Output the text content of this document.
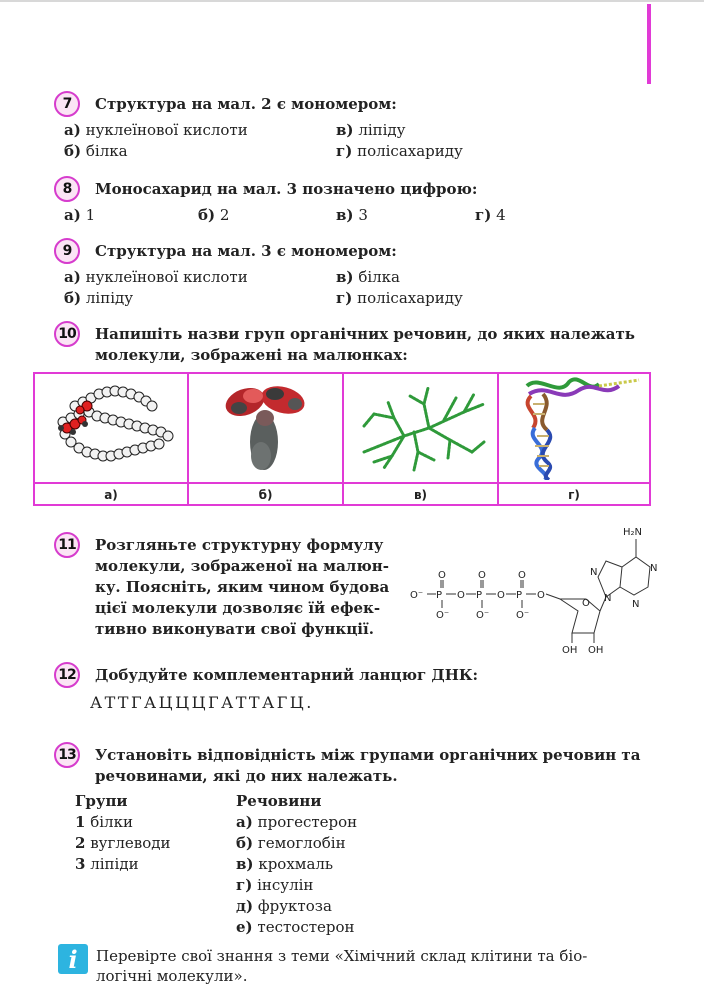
7	Структура на мал. 2 є мономером:
а) нуклеїнової кислоти	в) ліпіду
б) білка	г) полісахариду
8	Моносахарид на мал. 3 позначено цифрою:
а) 1	б) 2	в) 3	г) 4
9	Структура на мал. 3 є мономером:
а) нуклеїнової кислоти	в) білка
б) ліпіду	г) полісахариду
10 Напишіть назви груп органічних речовин, до яких належать
молекули, зображені на малюнках:
а)	б)	в)	г)
11 Розгляньте структурну формулу
молекули, зображеної на малюн-
ку. Поясніть, яким чином будова
цієї молекули дозволяє їй ефек-
тивно виконувати свої функції.
O⁻ P
O
O⁻
O P
O
O⁻
O P
O
O⁻
O
O
OH OH
N
N	N
N
H₂N
12 Добудуйте комплементарний ланцюг ДНК:
АТТГАЦЦЦГАТТАГЦ.
13 Установіть відповідність між групами органічних речовин та
речовинами, які до них належать.
Групи	Речовини
1 білки
2 вуглеводи
3 ліпіди
а) прогестерон
б) гемоглобін
в) крохмаль
г) інсулін
д) фруктоза
е) тестостерон
i	Перевірте свої знання з теми «Хімічний склад клітини та біо-
логічні молекули».
